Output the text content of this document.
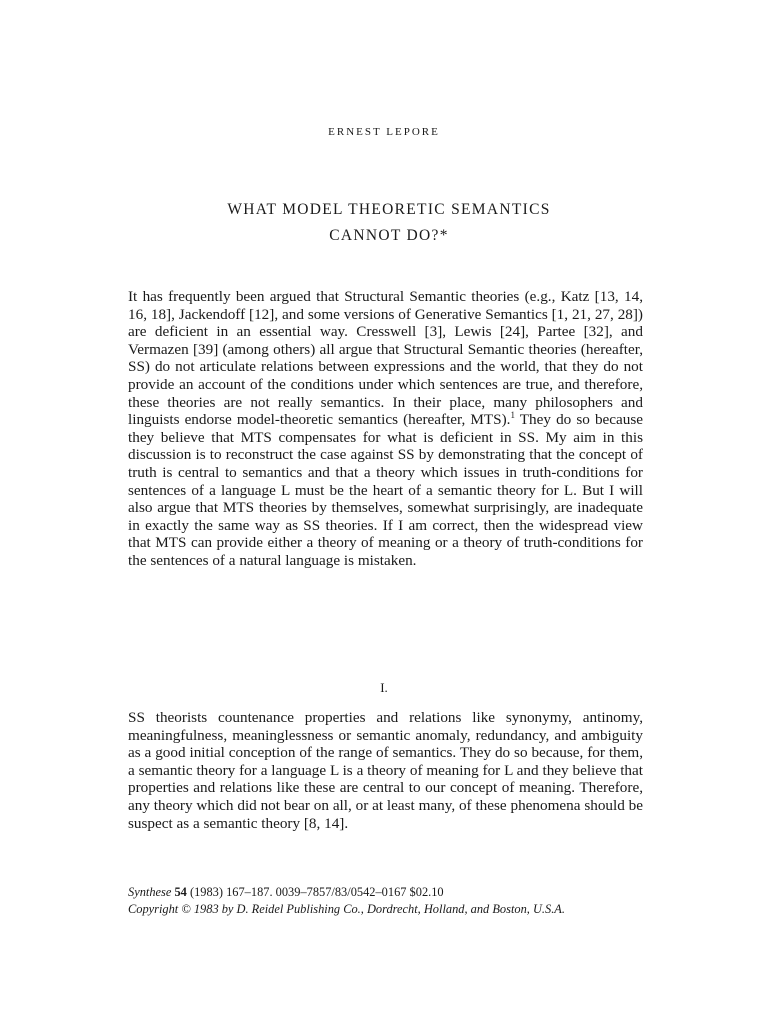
ERNEST LEPORE
WHAT MODEL THEORETIC SEMANTICS
CANNOT DO?*
It has frequently been argued that Structural Semantic theories (e.g., Katz [13, 14, 16, 18], Jackendoff [12], and some versions of Generative Semantics [1, 21, 27, 28]) are deficient in an essential way. Cresswell [3], Lewis [24], Partee [32], and Vermazen [39] (among others) all argue that Structural Semantic theories (hereafter, SS) do not articulate relations between expressions and the world, that they do not provide an account of the conditions under which sentences are true, and therefore, these theories are not really semantics. In their place, many philosophers and linguists endorse model-theoretic semantics (hereafter, MTS).$^1$ They do so because they believe that MTS compensates for what is deficient in SS. My aim in this discussion is to reconstruct the case against SS by demonstrating that the concept of truth is central to semantics and that a theory which issues in truth-conditions for sentences of a language L must be the heart of a semantic theory for L. But I will also argue that MTS theories by themselves, somewhat surprisingly, are inadequate in exactly the same way as SS theories. If I am correct, then the widespread view that MTS can provide either a theory of meaning or a theory of truth-conditions for the sentences of a natural language is mistaken.
I.
SS theorists countenance properties and relations like synonymy, antinomy, meaningfulness, meaninglessness or semantic anomaly, redundancy, and ambiguity as a good initial conception of the range of semantics. They do so because, for them, a semantic theory for a language L is a theory of meaning for L and they believe that properties and relations like these are central to our concept of meaning. Therefore, any theory which did not bear on all, or at least many, of these phenomena should be suspect as a semantic theory [8, 14].
Synthese 54 (1983) 167–187. 0039–7857/83/0542–0167 $02.10
Copyright © 1983 by D. Reidel Publishing Co., Dordrecht, Holland, and Boston, U.S.A.
